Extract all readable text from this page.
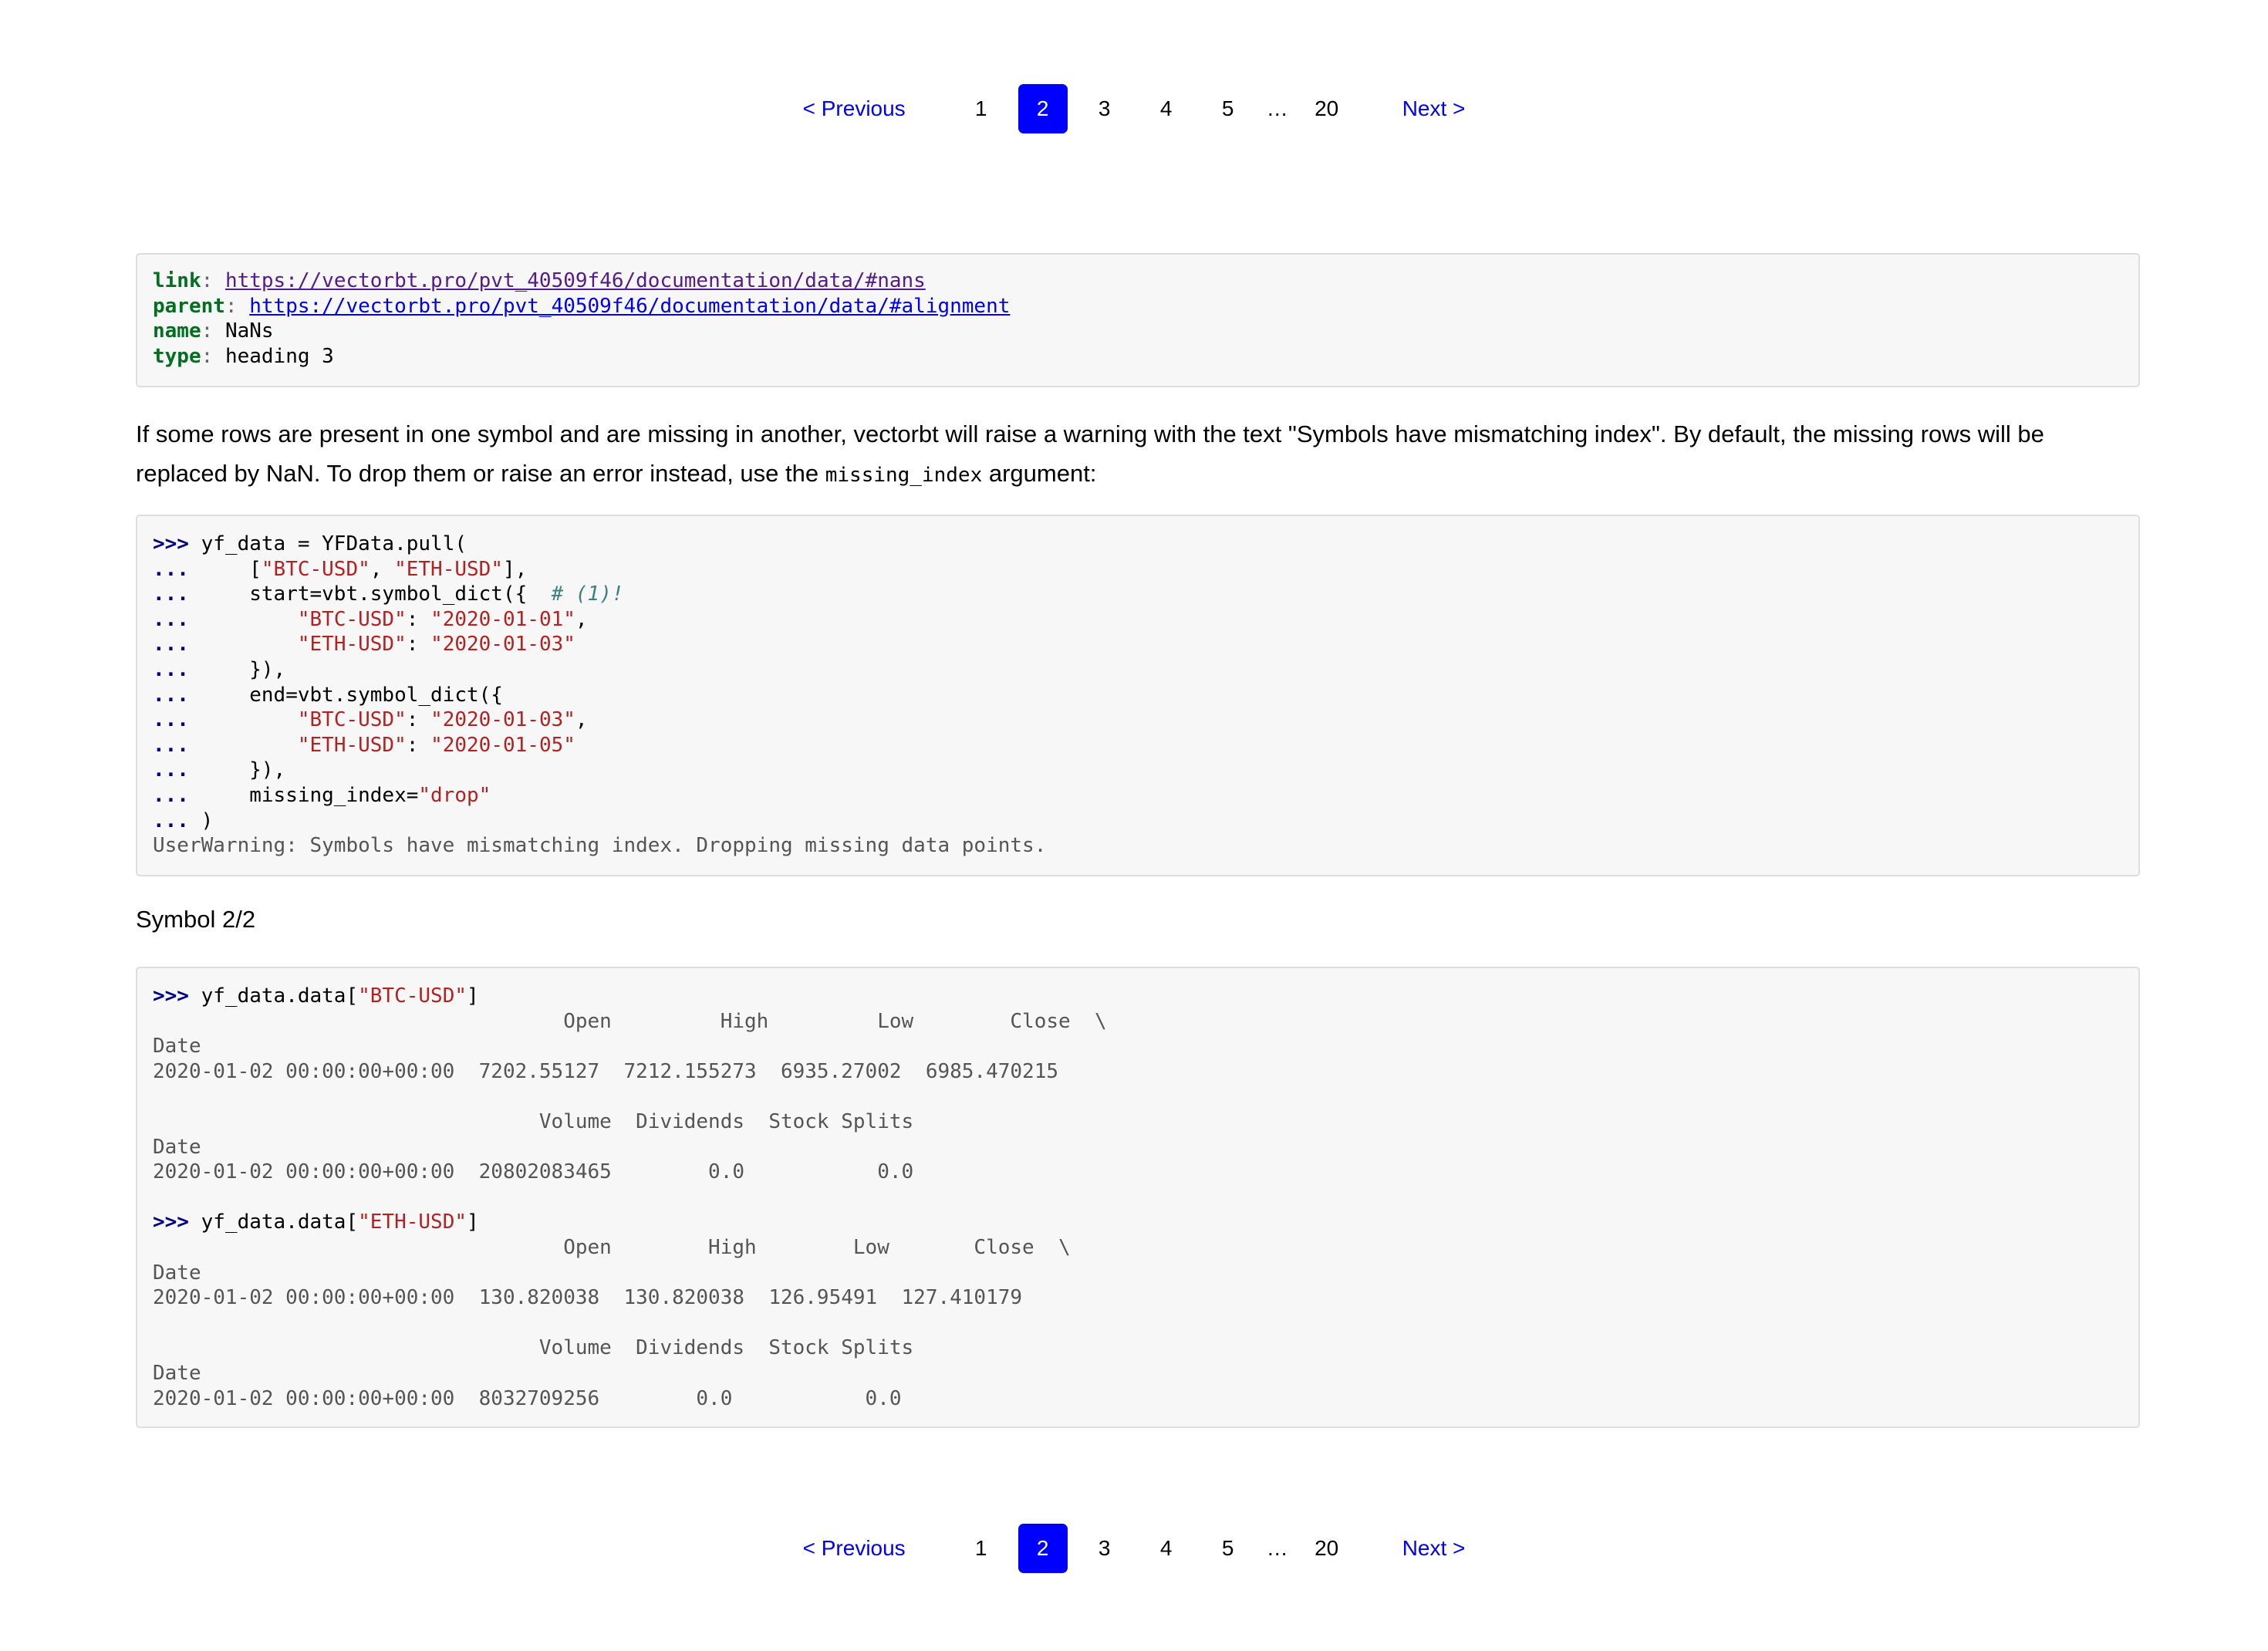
< Previous	1	2	3	4	5	…	20	Next >
link: https://vectorbt.pro/pvt_40509f46/documentation/data/#nans
parent: https://vectorbt.pro/pvt_40509f46/documentation/data/#alignment
name: NaNs
type: heading 3

If some rows are present in one symbol and are missing in another, vectorbt will raise a warning with the text "Symbols have mismatching index". By default, the missing rows will be replaced by NaN. To drop them or raise an error instead, use the missing_index argument:

>>> yf_data = YFData.pull(
...     ["BTC-USD", "ETH-USD"],
...     start=vbt.symbol_dict({  # (1)!
...	"BTC-USD": "2020-01-01",
...	"ETH-USD": "2020-01-03"
...     }),
...     end=vbt.symbol_dict({
...	"BTC-USD": "2020-01-03",
...	"ETH-USD": "2020-01-05"
...     }),
...     missing_index="drop"
... )
UserWarning: Symbols have mismatching index. Dropping missing data points.

Symbol 2/2

>>> yf_data.data["BTC-USD"]
Open         High         Low        Close  \
Date
2020-01-02 00:00:00+00:00  7202.55127  7212.155273  6935.27002  6985.470215

Volume  Dividends  Stock Splits
Date
2020-01-02 00:00:00+00:00  20802083465        0.0           0.0

>>> yf_data.data["ETH-USD"]
Open        High        Low       Close  \
Date
2020-01-02 00:00:00+00:00  130.820038  130.820038  126.95491  127.410179

Volume  Dividends  Stock Splits
Date
2020-01-02 00:00:00+00:00  8032709256        0.0           0.0
< Previous	1	2	3	4	5	…	20	Next >
